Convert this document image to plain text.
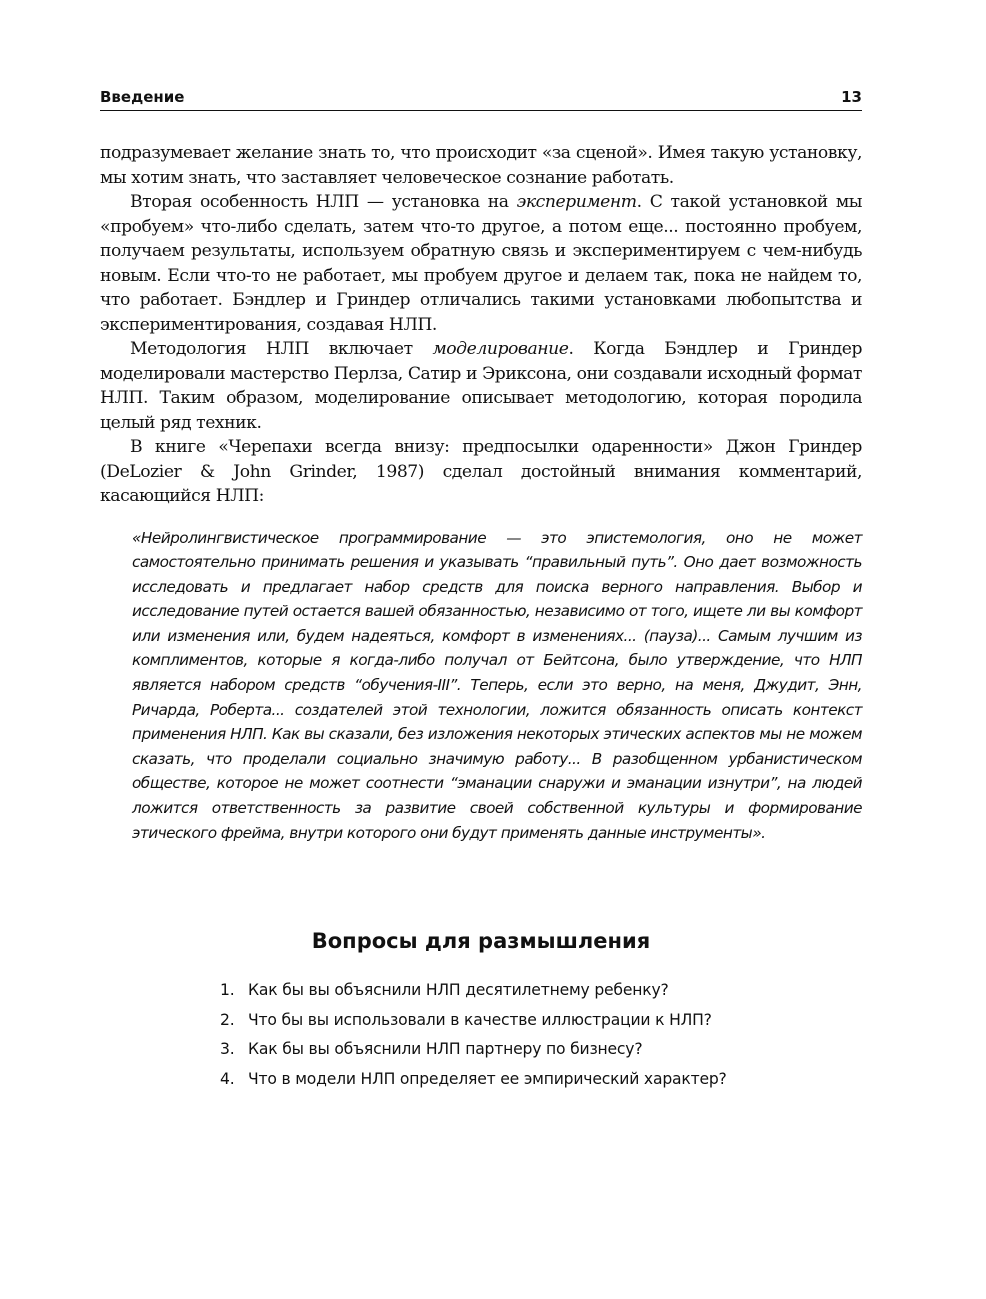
Введение	13

подразумевает желание знать то, что происходит «за сценой». Имея такую установку, мы хотим знать, что заставляет человеческое сознание работать.

Вторая особенность НЛП — установка на эксперимент. С такой установкой мы «пробуем» что-либо сделать, затем что-то другое, а потом еще... постоянно пробуем, получаем результаты, используем обратную связь и экспериментируем с чем-нибудь новым. Если что-то не работает, мы пробуем другое и делаем так, пока не найдем то, что работает. Бэндлер и Гриндер отличались такими установками любопытства и экспериментирования, создавая НЛП.

Методология НЛП включает моделирование. Когда Бэндлер и Гриндер моделировали мастерство Перлза, Сатир и Эриксона, они создавали исходный формат НЛП. Таким образом, моделирование описывает методологию, которая породила целый ряд техник.

В книге «Черепахи всегда внизу: предпосылки одаренности» Джон Гриндер (DeLozier & John Grinder, 1987) сделал достойный внимания комментарий, касающийся НЛП:

«Нейролингвистическое программирование — это эпистемология, оно не может самостоятельно принимать решения и указывать “правильный путь”. Оно дает возможность исследовать и предлагает набор средств для поиска верного направления. Выбор и исследование путей остается вашей обязанностью, независимо от того, ищете ли вы комфорт или изменения или, будем надеяться, комфорт в изменениях... (пауза)... Самым лучшим из комплиментов, которые я когда-либо получал от Бейтсона, было утверждение, что НЛП является набором средств “обучения-III”. Теперь, если это верно, на меня, Джудит, Энн, Ричарда, Роберта... создателей этой технологии, ложится обязанность описать контекст применения НЛП. Как вы сказали, без изложения некоторых этических аспектов мы не можем сказать, что проделали социально значимую работу... В разобщенном урбанистическом обществе, которое не может соотнести “эманации снаружи и эманации изнутри”, на людей ложится ответственность за развитие своей собственной культуры и формирование этического фрейма, внутри которого они будут применять данные инструменты».
Вопросы для размышления
1. Как бы вы объяснили НЛП десятилетнему ребенку?
2. Что бы вы использовали в качестве иллюстрации к НЛП?
3. Как бы вы объяснили НЛП партнеру по бизнесу?
4. Что в модели НЛП определяет ее эмпирический характер?
